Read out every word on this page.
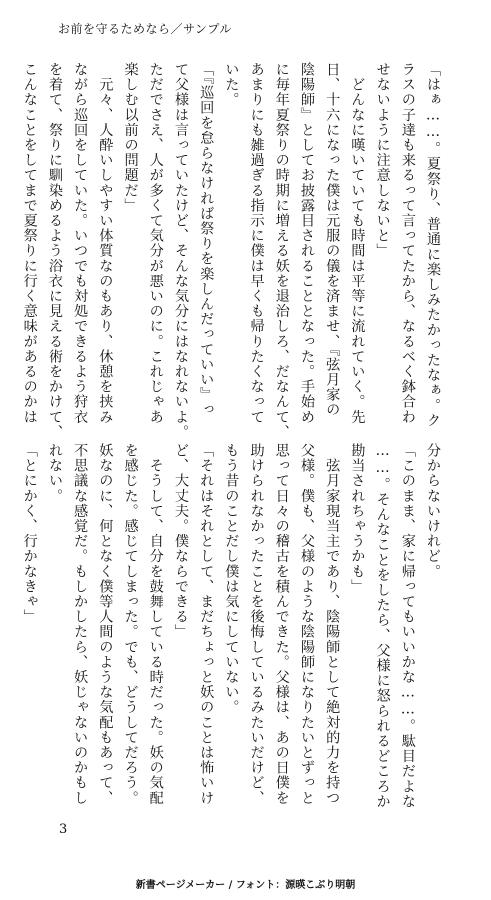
お前を守るためなら／サンプル
「はぁ……。夏祭り、普通に楽しみたかったなぁ。ク
ラスの子達も来るって言ってたから、なるべく鉢合わ
せないように注意しないと」
　どんなに嘆いていても時間は平等に流れていく。先
日、十六になった僕は元服の儀を済ませ、『弦月家の
陰陽師』としてお披露目されることとなった。手始め
に毎年夏祭りの時期に増える妖を退治しろ、だなんて、
あまりにも雑過ぎる指示に僕は早くも帰りたくなって
いた。
「『巡回を怠らなければ祭りを楽しんだっていい』っ
て父様は言っていたけど、そんな気分にはなれないよ。
ただでさえ、人が多くて気分が悪いのに。これじゃあ
楽しむ以前の問題だ」
　元々、人酔いしやすい体質なのもあり、休憩を挟み
ながら巡回をしていた。いつでも対処できるよう狩衣
を着て、祭りに馴染めるよう浴衣に見える術をかけて、
こんなことをしてまで夏祭りに行く意味があるのかは
分からないけれど。
「このまま、家に帰ってもいいかな……。駄目だよな
……。そんなことをしたら、父様に怒られるどころか
勘当されちゃうかも」
　弦月家現当主であり、陰陽師として絶対的力を持つ
父様。僕も、父様のような陰陽師になりたいとずっと
思って日々の稽古を積んできた。父様は、あの日僕を
助けられなかったことを後悔しているみたいだけど、
もう昔のことだし僕は気にしていない。
「それはそれとして、まだちょっと妖のことは怖いけ
ど、大丈夫。僕ならできる」
　そうして、自分を鼓舞している時だった。妖の気配
を感じた。感じてしまった。でも、どうしてだろう。
妖なのに、何となく僕等人間のような気配もあって、
不思議な感覚だ。もしかしたら、妖じゃないのかもし
れない。
「とにかく、行かなきゃ」
3
新書ページメーカー / フォント：源暎こぶり明朝
